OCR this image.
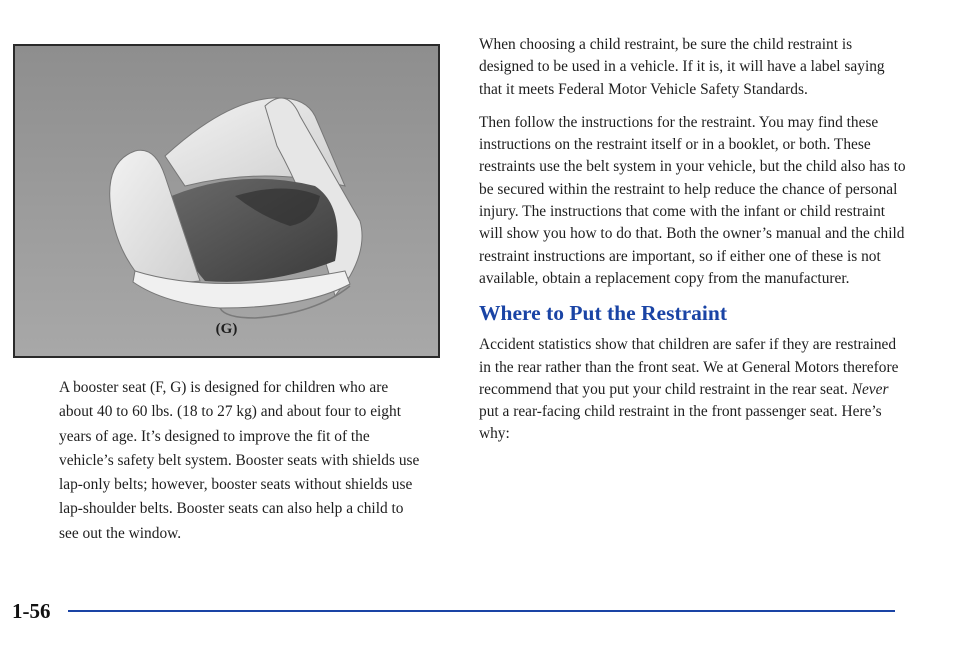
(G)
A booster seat (F, G) is designed for children who are about 40 to 60 lbs. (18 to 27 kg) and about four to eight years of age. It’s designed to improve the fit of the vehicle’s safety belt system. Booster seats with shields use lap-only belts; however, booster seats without shields use lap-shoulder belts. Booster seats can also help a child to see out the window.

When choosing a child restraint, be sure the child restraint is designed to be used in a vehicle. If it is, it will have a label saying that it meets Federal Motor Vehicle Safety Standards.

Then follow the instructions for the restraint. You may find these instructions on the restraint itself or in a booklet, or both. These restraints use the belt system in your vehicle, but the child also has to be secured within the restraint to help reduce the chance of personal injury. The instructions that come with the infant or child restraint will show you how to do that. Both the owner’s manual and the child restraint instructions are important, so if either one of these is not available, obtain a replacement copy from the manufacturer.

Where to Put the Restraint

Accident statistics show that children are safer if they are restrained in the rear rather than the front seat. We at General Motors therefore recommend that you put your child restraint in the rear seat. Never put a rear-facing child restraint in the front passenger seat. Here’s why:

1-56
